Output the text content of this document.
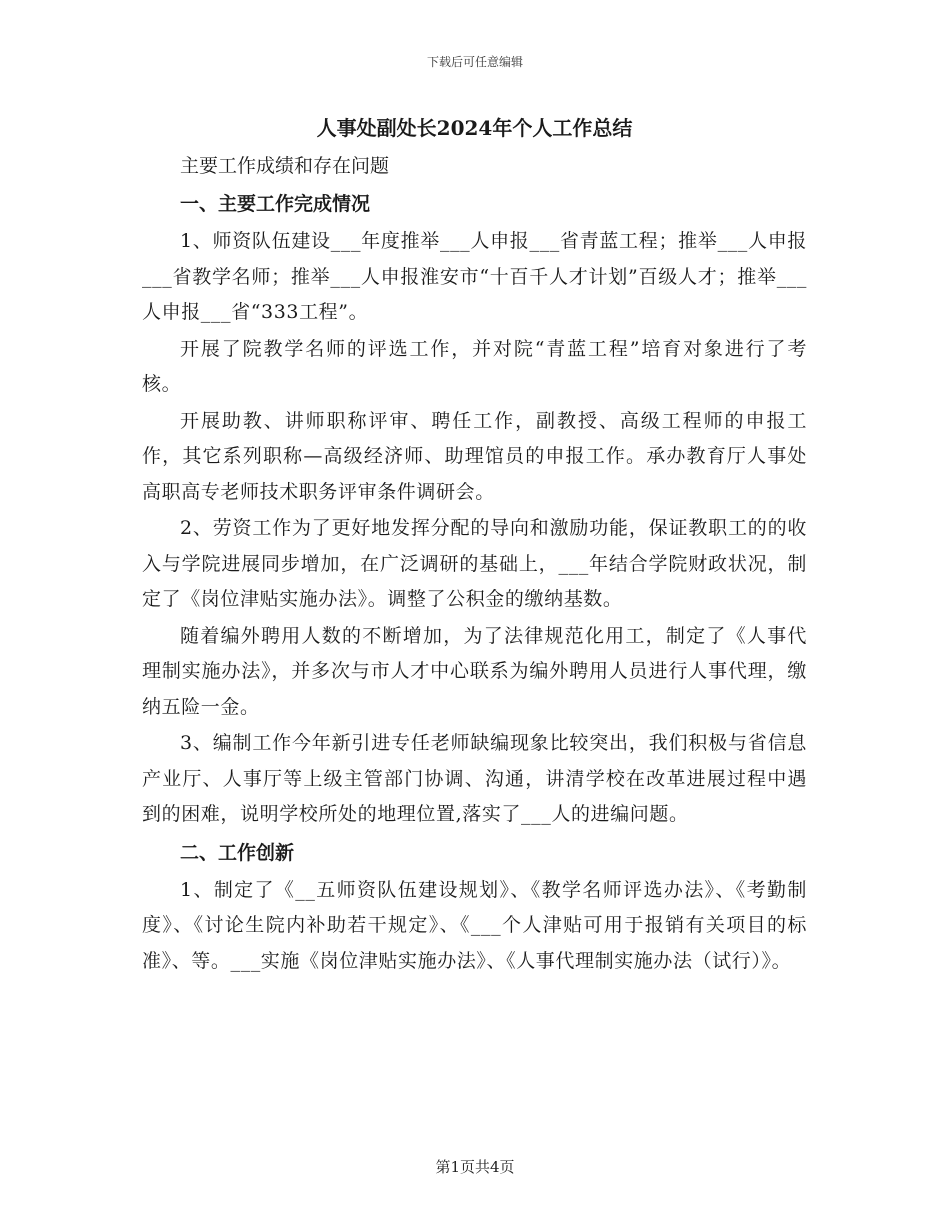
下载后可任意编辑
人事处副处长2024年个人工作总结
主要工作成绩和存在问题
一、主要工作完成情况

1、师资队伍建设___年度推举___人申报___省青蓝工程；推举___人申报___省教学名师；推举___人申报淮安市“十百千人才计划”百级人才；推举___人申报___省“333工程”。

开展了院教学名师的评选工作，并对院“青蓝工程”培育对象进行了考核。

开展助教、讲师职称评审、聘任工作，副教授、高级工程师的申报工作，其它系列职称—高级经济师、助理馆员的申报工作。承办教育厅人事处高职高专老师技术职务评审条件调研会。

2、劳资工作为了更好地发挥分配的导向和激励功能，保证教职工的的收入与学院进展同步增加，在广泛调研的基础上，___年结合学院财政状况，制定了《岗位津贴实施办法》。调整了公积金的缴纳基数。

随着编外聘用人数的不断增加，为了法律规范化用工，制定了《人事代理制实施办法》，并多次与市人才中心联系为编外聘用人员进行人事代理，缴纳五险一金。

3、编制工作今年新引进专任老师缺编现象比较突出，我们积极与省信息产业厅、人事厅等上级主管部门协调、沟通，讲清学校在改革进展过程中遇到的困难，说明学校所处的地理位置,落实了___人的进编问题。

二、工作创新

1、制定了《__五师资队伍建设规划》、《教学名师评选办法》、《考勤制度》、《讨论生院内补助若干规定》、《___个人津贴可用于报销有关项目的标准》、等。___实施《岗位津贴实施办法》、《人事代理制实施办法（试行）》。

第1页共4页
